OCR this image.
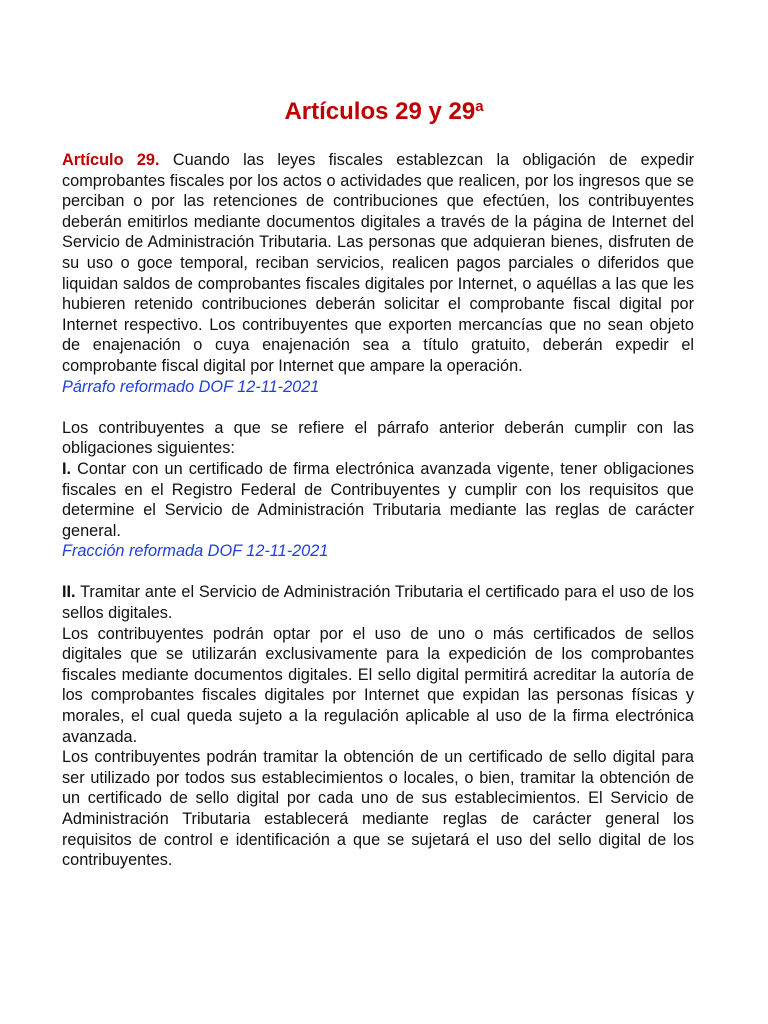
Artículos 29 y 29$^a$

Artículo 29. Cuando las leyes fiscales establezcan la obligación de expedir comprobantes fiscales por los actos o actividades que realicen, por los ingresos que se perciban o por las retenciones de contribuciones que efectúen, los contribuyentes deberán emitirlos mediante documentos digitales a través de la página de Internet del Servicio de Administración Tributaria. Las personas que adquieran bienes, disfruten de su uso o goce temporal, reciban servicios, realicen pagos parciales o diferidos que liquidan saldos de comprobantes fiscales digitales por Internet, o aquéllas a las que les hubieren retenido contribuciones deberán solicitar el comprobante fiscal digital por Internet respectivo. Los contribuyentes que exporten mercancías que no sean objeto de enajenación o cuya enajenación sea a título gratuito, deberán expedir el comprobante fiscal digital por Internet que ampare la operación.

Párrafo reformado DOF 12-11-2021

Los contribuyentes a que se refiere el párrafo anterior deberán cumplir con las obligaciones siguientes:

I. Contar con un certificado de firma electrónica avanzada vigente, tener obligaciones fiscales en el Registro Federal de Contribuyentes y cumplir con los requisitos que determine el Servicio de Administración Tributaria mediante las reglas de carácter general.

Fracción reformada DOF 12-11-2021

II. Tramitar ante el Servicio de Administración Tributaria el certificado para el uso de los sellos digitales.

Los contribuyentes podrán optar por el uso de uno o más certificados de sellos digitales que se utilizarán exclusivamente para la expedición de los comprobantes fiscales mediante documentos digitales. El sello digital permitirá acreditar la autoría de los comprobantes fiscales digitales por Internet que expidan las personas físicas y morales, el cual queda sujeto a la regulación aplicable al uso de la firma electrónica avanzada.

Los contribuyentes podrán tramitar la obtención de un certificado de sello digital para ser utilizado por todos sus establecimientos o locales, o bien, tramitar la obtención de un certificado de sello digital por cada uno de sus establecimientos. El Servicio de Administración Tributaria establecerá mediante reglas de carácter general los requisitos de control e identificación a que se sujetará el uso del sello digital de los contribuyentes.
